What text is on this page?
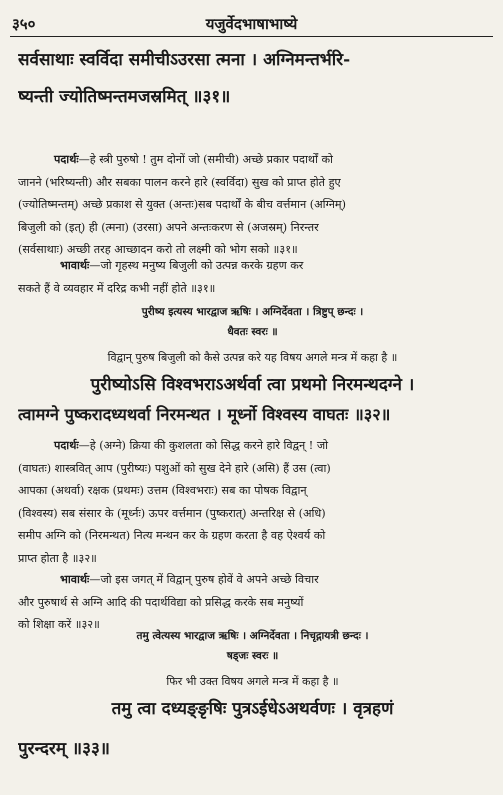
३५०	यजुर्वेदभाषाभाष्ये
सर्वसाथाः स्वर्विदा समीचीऽउरसा त्मना । अग्निमन्तर्भरि-
ष्यन्ती ज्योतिष्मन्तमजस्रमित् ॥३१॥
पदार्थः—हे स्त्री पुरुषो ! तुम दोनों जो (समीची) अच्छे प्रकार पदार्थों को
जानने (भरिष्यन्ती) और सबका पालन करने हारे (स्वर्विदा) सुख को प्राप्त होते हुए
(ज्योतिष्मन्तम्) अच्छे प्रकाश से युक्त (अन्तः)सब पदार्थों के बीच वर्त्तमान (अग्निम्)
बिजुली को (इत्) ही (त्मना) (उरसा) अपने अन्तःकरण से (अजस्रम्) निरन्तर
(सर्वसाथाः) अच्छी तरह आच्छादन करो तो लक्ष्मी को भोग सको ॥३१॥
भावार्थः—जो गृहस्थ मनुष्य बिजुली को उत्पन्न करके ग्रहण कर
सकते हैं वे व्यवहार में दरिद्र कभी नहीं होते ॥३१॥
पुरीष्य इत्यस्य भारद्वाज ऋषिः । अग्निर्देवता । त्रिष्टुप् छन्दः ।
धैवतः स्वरः ॥
विद्वान् पुरुष बिजुली को कैसे उत्पन्न करे यह विषय अगले मन्त्र में कहा है ॥
पुरीष्योऽसि विश्वभराऽअर्थर्वा त्वा प्रथमो निरमन्थदग्ने ।
त्वामग्ने पुष्करादध्यथर्वा निरमन्थत । मूर्ध्नो विश्वस्य वाघतः ॥३२॥
पदार्थः—हे (अग्ने) क्रिया की कुशलता को सिद्ध करने हारे विद्वन् ! जो
(वाघतः) शास्त्रवित् आप (पुरीष्यः) पशुओं को सुख देने हारे (असि) हैं उस (त्वा)
आपका (अथर्वा) रक्षक (प्रथमः) उत्तम (विश्वभराः) सब का पोषक विद्वान्
(विश्वस्य) सब संसार के (मूर्ध्नः) ऊपर वर्त्तमान (पुष्करात्) अन्तरिक्ष से (अधि)
समीप अग्नि को (निरमन्थत) नित्य मन्थन कर के ग्रहण करता है वह ऐश्वर्य को
प्राप्त होता है ॥३२॥
भावार्थः—जो इस जगत् में विद्वान् पुरुष होवें वे अपने अच्छे विचार
और पुरुषार्थ से अग्नि आदि की पदार्थविद्या को प्रसिद्ध करके सब मनुष्यों
को शिक्षा करें ॥३२॥
तमु त्वेत्यस्य भारद्वाज ऋषिः । अग्निर्देवता । निचृद्गायत्री छन्दः ।
षड्जः स्वरः ॥
फिर भी उक्त विषय अगले मन्त्र में कहा है ॥
तमु त्वा दध्यङ्ङृषिः पुत्रऽईधेऽअथर्वणः । वृत्रहणं
पुरन्दरम् ॥३३॥
